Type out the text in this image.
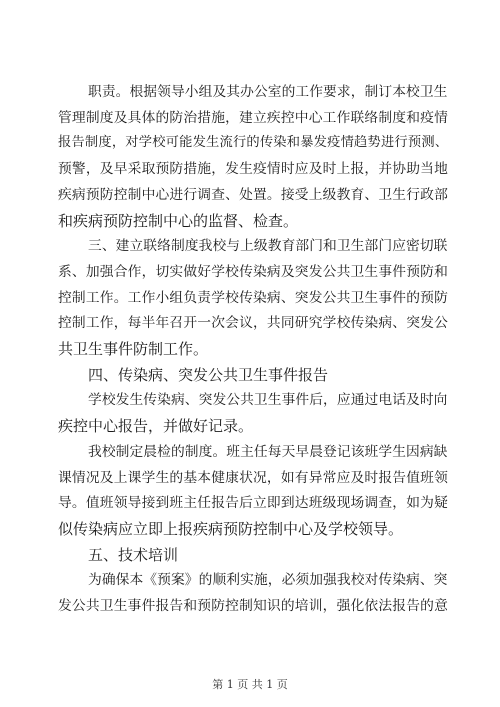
职责。根据领导小组及其办公室的工作要求，制订本校卫生
管理制度及具体的防治措施，建立疾控中心工作联络制度和疫情
报告制度，对学校可能发生流行的传染和暴发疫情趋势进行预测、
预警，及早采取预防措施，发生疫情时应及时上报，并协助当地
疾病预防控制中心进行调查、处置。接受上级教育、卫生行政部
和疾病预防控制中心的监督、检查。
三、建立联络制度我校与上级教育部门和卫生部门应密切联
系、加强合作，切实做好学校传染病及突发公共卫生事件预防和
控制工作。工作小组负责学校传染病、突发公共卫生事件的预防
控制工作，每半年召开一次会议，共同研究学校传染病、突发公
共卫生事件防制工作。
四、传染病、突发公共卫生事件报告
学校发生传染病、突发公共卫生事件后，应通过电话及时向
疾控中心报告，并做好记录。
我校制定晨检的制度。班主任每天早晨登记该班学生因病缺
课情况及上课学生的基本健康状况，如有异常应及时报告值班领
导。值班领导接到班主任报告后立即到达班级现场调查，如为疑
似传染病应立即上报疾病预防控制中心及学校领导。
五、技术培训
为确保本《预案》的顺利实施，必须加强我校对传染病、突
发公共卫生事件报告和预防控制知识的培训，强化依法报告的意
第 1 页 共 1 页
